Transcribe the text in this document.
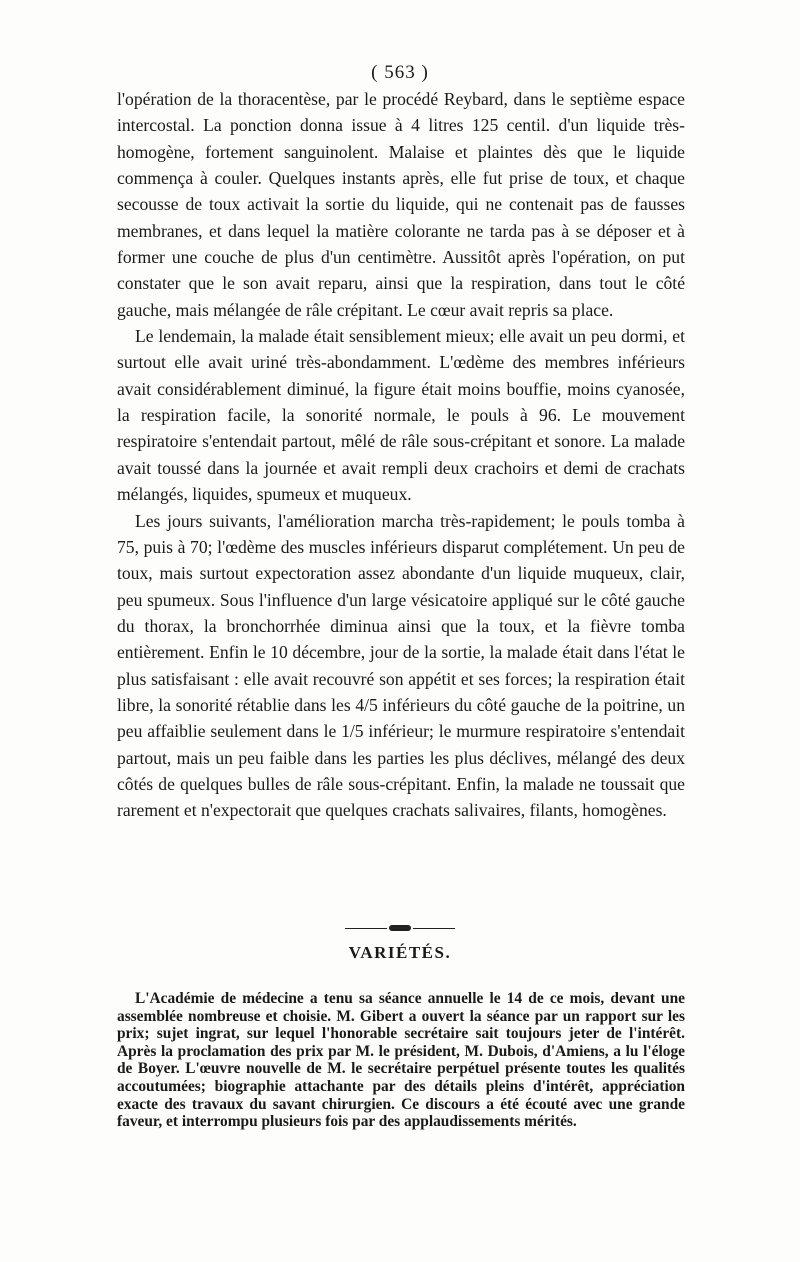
( 563 )

l'opération de la thoracentèse, par le procédé Reybard, dans le septième espace intercostal. La ponction donna issue à 4 litres 125 centil. d'un liquide très-homogène, fortement sanguinolent. Malaise et plaintes dès que le liquide commença à couler. Quelques instants après, elle fut prise de toux, et chaque secousse de toux activait la sortie du liquide, qui ne contenait pas de fausses membranes, et dans lequel la matière colorante ne tarda pas à se déposer et à former une couche de plus d'un centimètre. Aussitôt après l'opération, on put constater que le son avait reparu, ainsi que la respiration, dans tout le côté gauche, mais mélangée de râle crépitant. Le cœur avait repris sa place.

Le lendemain, la malade était sensiblement mieux; elle avait un peu dormi, et surtout elle avait uriné très-abondamment. L'œdème des membres inférieurs avait considérablement diminué, la figure était moins bouffie, moins cyanosée, la respiration facile, la sonorité normale, le pouls à 96. Le mouvement respiratoire s'entendait partout, mêlé de râle sous-crépitant et sonore. La malade avait toussé dans la journée et avait rempli deux crachoirs et demi de crachats mélangés, liquides, spumeux et muqueux.

Les jours suivants, l'amélioration marcha très-rapidement; le pouls tomba à 75, puis à 70; l'œdème des muscles inférieurs disparut complétement. Un peu de toux, mais surtout expectoration assez abondante d'un liquide muqueux, clair, peu spumeux. Sous l'influence d'un large vésicatoire appliqué sur le côté gauche du thorax, la bronchorrhée diminua ainsi que la toux, et la fièvre tomba entièrement. Enfin le 10 décembre, jour de la sortie, la malade était dans l'état le plus satisfaisant : elle avait recouvré son appétit et ses forces; la respiration était libre, la sonorité rétablie dans les 4/5 inférieurs du côté gauche de la poitrine, un peu affaiblie seulement dans le 1/5 inférieur; le murmure respiratoire s'entendait partout, mais un peu faible dans les parties les plus déclives, mélangé des deux côtés de quelques bulles de râle sous-crépitant. Enfin, la malade ne toussait que rarement et n'expectorait que quelques crachats salivaires, filants, homogènes.

VARIÉTÉS.

L'Académie de médecine a tenu sa séance annuelle le 14 de ce mois, devant une assemblée nombreuse et choisie. M. Gibert a ouvert la séance par un rapport sur les prix; sujet ingrat, sur lequel l'honorable secrétaire sait toujours jeter de l'intérêt. Après la proclamation des prix par M. le président, M. Dubois, d'Amiens, a lu l'éloge de Boyer. L'œuvre nouvelle de M. le secrétaire perpétuel présente toutes les qualités accoutumées; biographie attachante par des détails pleins d'intérêt, appréciation exacte des travaux du savant chirurgien. Ce discours a été écouté avec une grande faveur, et interrompu plusieurs fois par des applaudissements mérités.
